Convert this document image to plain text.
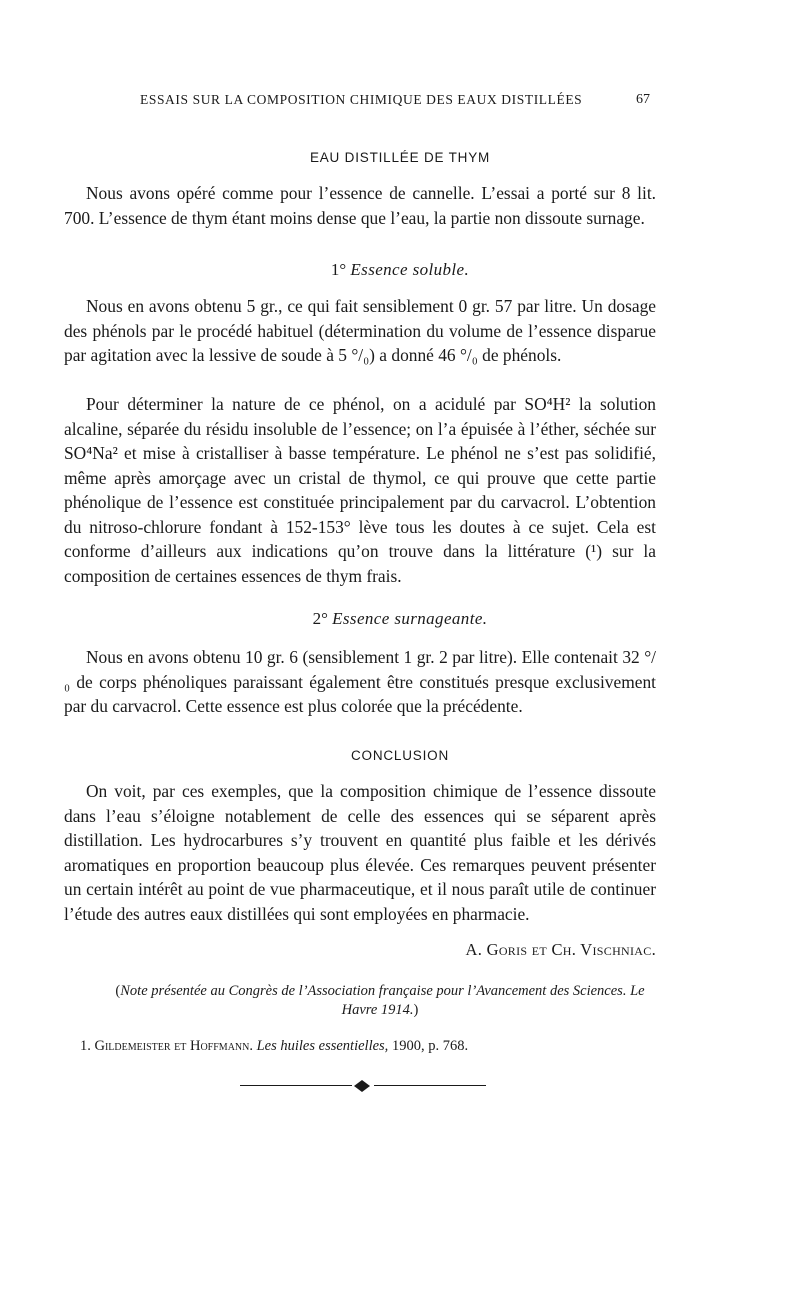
ESSAIS SUR LA COMPOSITION CHIMIQUE DES EAUX DISTILLÉES	67
EAU DISTILLÉE DE THYM

Nous avons opéré comme pour l’essence de cannelle. L’essai a porté sur 8 lit. 700. L’essence de thym étant moins dense que l’eau, la partie non dissoute surnage.

1° Essence soluble.

Nous en avons obtenu 5 gr., ce qui fait sensiblement 0 gr. 57 par litre. Un dosage des phénols par le procédé habituel (détermination du volume de l’essence disparue par agitation avec la lessive de soude à 5 °/₀) a donné 46 °/₀ de phénols.

Pour déterminer la nature de ce phénol, on a acidulé par SO⁴H² la solution alcaline, séparée du résidu insoluble de l’essence; on l’a épuisée à l’éther, séchée sur SO⁴Na² et mise à cristalliser à basse température. Le phénol ne s’est pas solidifié, même après amorçage avec un cristal de thymol, ce qui prouve que cette partie phénolique de l’essence est constituée principalement par du carvacrol. L’obtention du nitroso-chlorure fondant à 152-153° lève tous les doutes à ce sujet. Cela est conforme d’ailleurs aux indications qu’on trouve dans la littérature (¹) sur la composition de certaines essences de thym frais.

2° Essence surnageante.

Nous en avons obtenu 10 gr. 6 (sensiblement 1 gr. 2 par litre). Elle contenait 32 °/₀ de corps phénoliques paraissant également être constitués presque exclusivement par du carvacrol. Cette essence est plus colorée que la précédente.

CONCLUSION

On voit, par ces exemples, que la composition chimique de l’essence dissoute dans l’eau s’éloigne notablement de celle des essences qui se séparent après distillation. Les hydrocarbures s’y trouvent en quantité plus faible et les dérivés aromatiques en proportion beaucoup plus élevée. Ces remarques peuvent présenter un certain intérêt au point de vue pharmaceutique, et il nous paraît utile de continuer l’étude des autres eaux distillées qui sont employées en pharmacie.

A. Goris et Ch. Vischniac.
(Note présentée au Congrès de l’Association française pour l’Avancement des Sciences. Le Havre 1914.)
1. Gildemeister et Hoffmann. Les huiles essentielles, 1900, p. 768.
